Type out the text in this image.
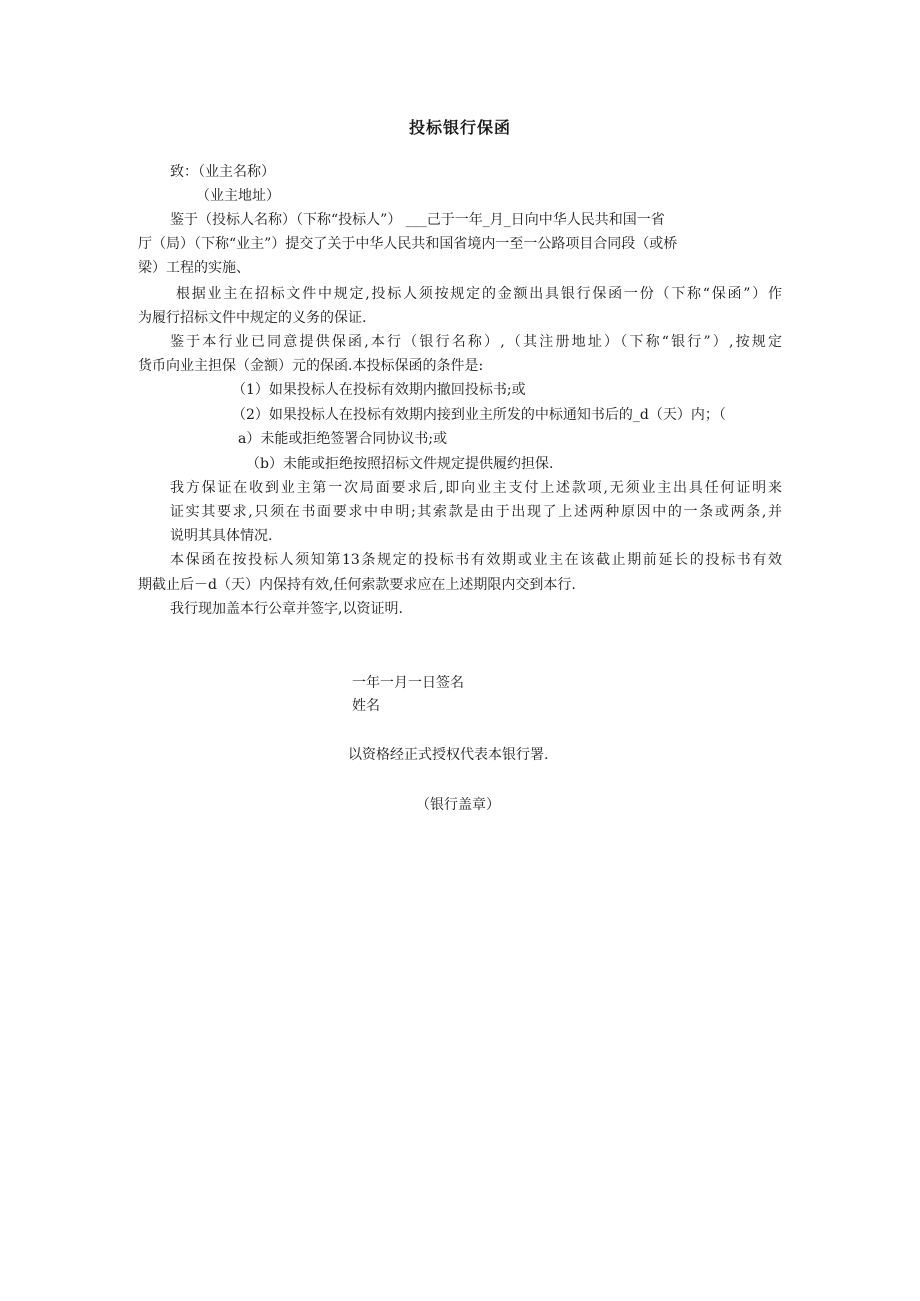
投标银行保函
致：（业主名称）
（业主地址）
鉴于（投标人名称）（下称“投标人”） ___己于一年_月_日向中华人民共和国一省
厅（局）（下称“业主”）提交了关于中华人民共和国省境内一至一公路项目合同段（或桥
梁）工程的实施、
根据业主在招标文件中规定,投标人须按规定的金额出具银行保函一份（下称“保函”）作
为履行招标文件中规定的义务的保证.
鉴于本行业已同意提供保函,本行（银行名称）,（其注册地址）（下称“银行”）,按规定
货币向业主担保（金额）元的保函.本投标保函的条件是:
（1）如果投标人在投标有效期内撤回投标书;或
（2）如果投标人在投标有效期内接到业主所发的中标通知书后的_d（天）内；（
a）未能或拒绝签署合同协议书;或
（b）未能或拒绝按照招标文件规定提供履约担保.
我方保证在收到业主第一次局面要求后,即向业主支付上述款项,无须业主出具任何证明来
证实其要求,只须在书面要求中申明;其索款是由于出现了上述两种原因中的一条或两条,并
说明其具体情况.
本保函在按投标人须知第13条规定的投标书有效期或业主在该截止期前延长的投标书有效
期截止后－d（天）内保持有效,任何索款要求应在上述期限内交到本行.
我行现加盖本行公章并签字,以资证明.
一年一月一日签名
姓名
以资格经正式授权代表本银行署.
（银行盖章）
